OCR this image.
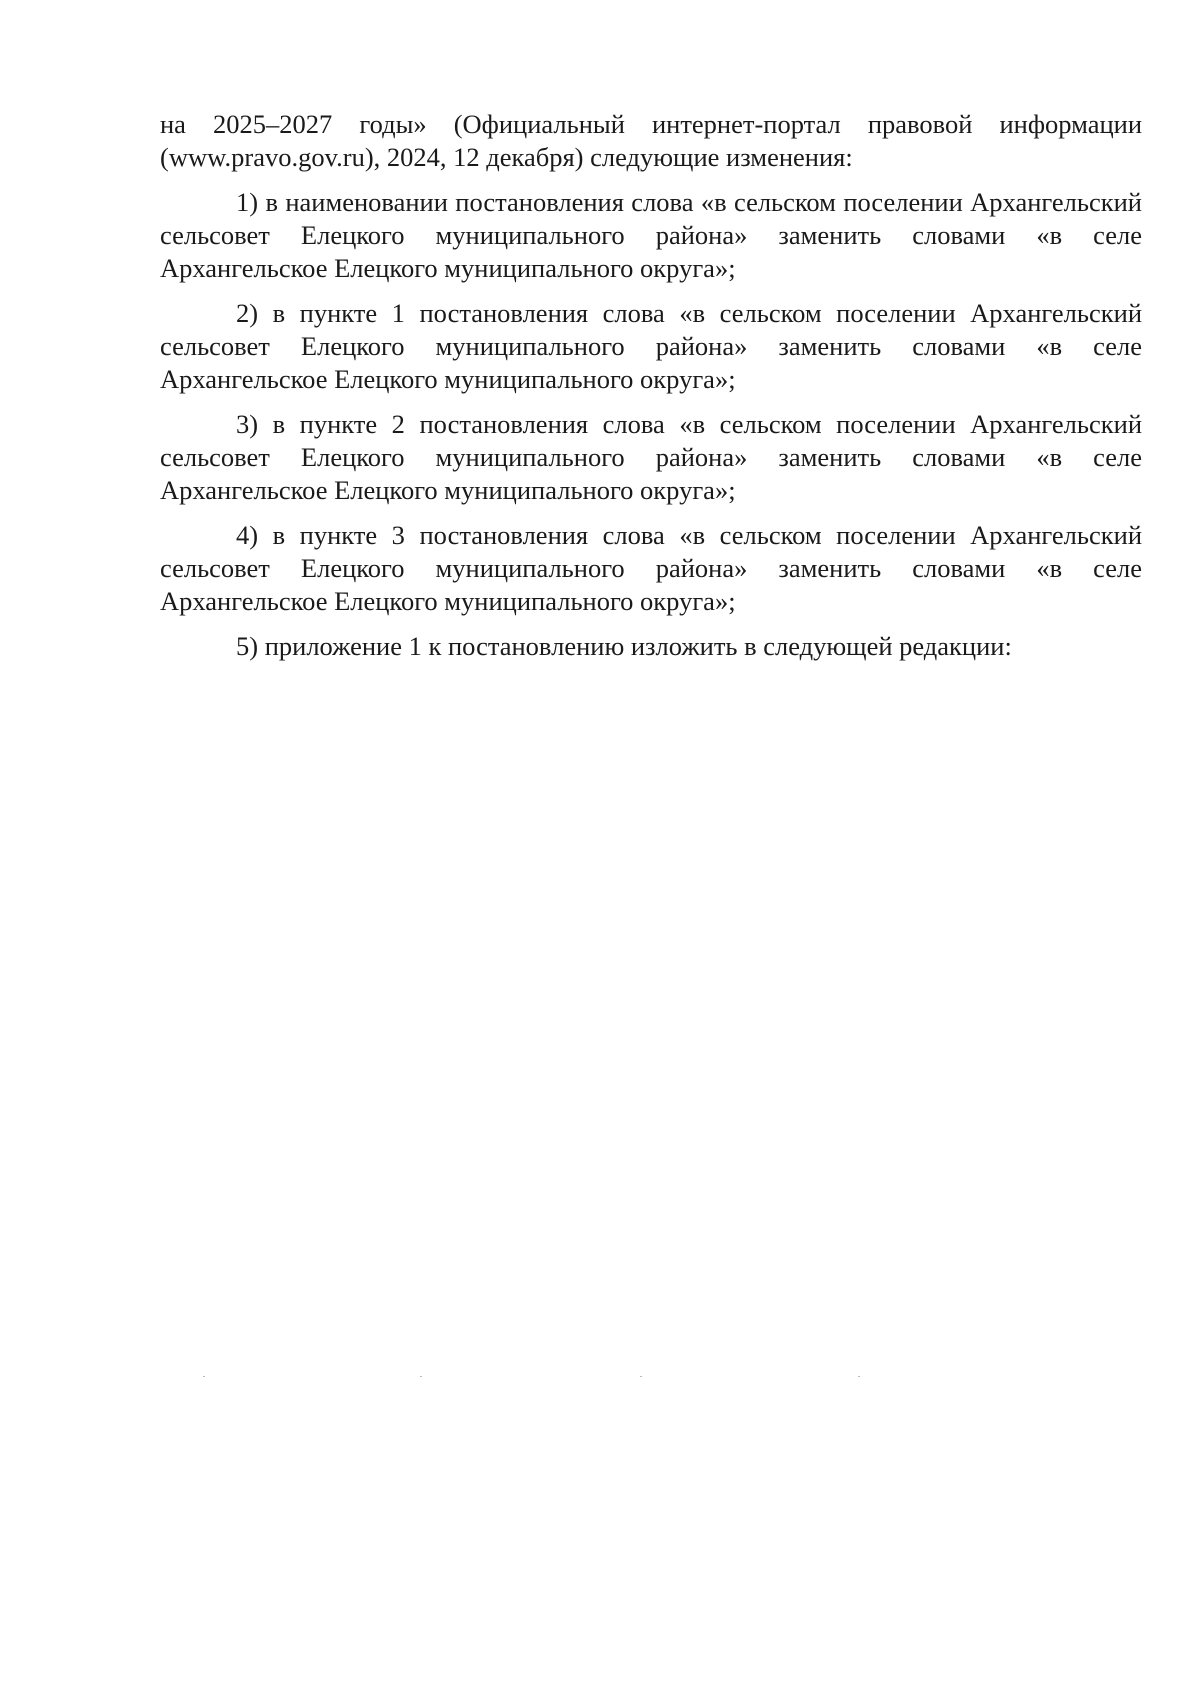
на 2025–2027 годы» (Официальный интернет-портал правовой информации (www.pravo.gov.ru), 2024, 12 декабря) следующие изменения:

1) в наименовании постановления слова «в сельском поселении Архангельский сельсовет Елецкого муниципального района» заменить словами «в селе Архангельское Елецкого муниципального округа»;

2) в пункте 1 постановления слова «в сельском поселении Архангельский сельсовет Елецкого муниципального района» заменить словами «в селе Архангельское Елецкого муниципального округа»;

3) в пункте 2 постановления слова «в сельском поселении Архангельский сельсовет Елецкого муниципального района» заменить словами «в селе Архангельское Елецкого муниципального округа»;

4) в пункте 3 постановления слова «в сельском поселении Архангельский сельсовет Елецкого муниципального района» заменить словами «в селе Архангельское Елецкого муниципального округа»;

5) приложение 1 к постановлению изложить в следующей редакции:
